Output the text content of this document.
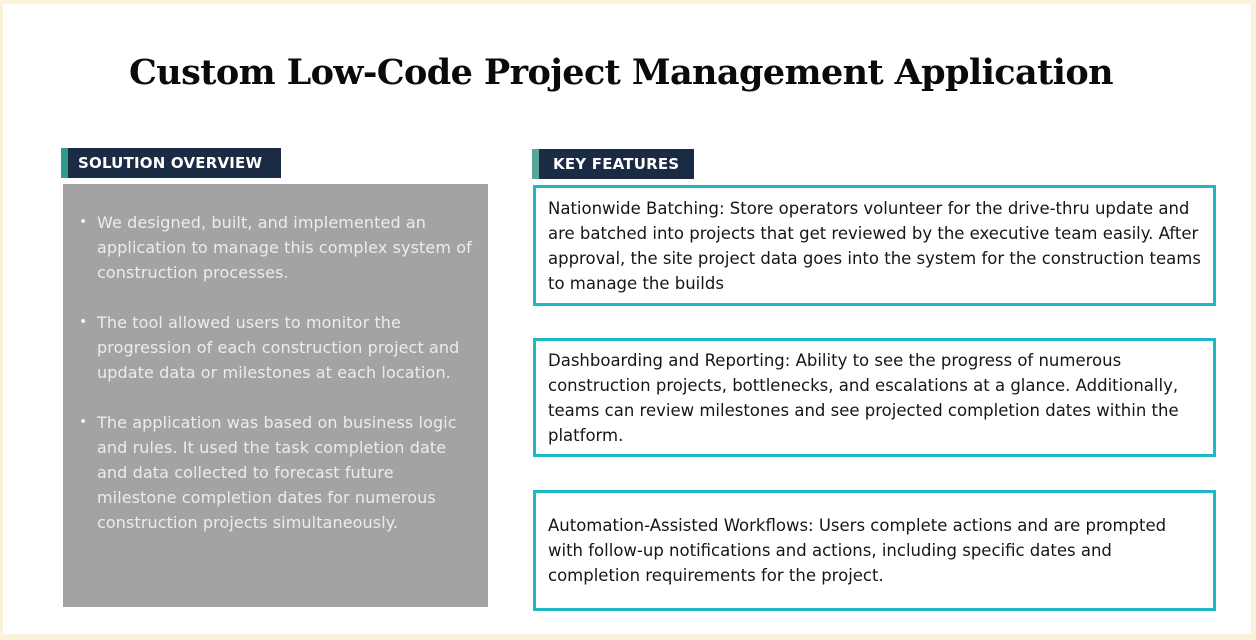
Custom Low-Code Project Management Application
SOLUTION OVERVIEW
• We designed, built, and implemented an application to manage this complex system of construction processes.
• The tool allowed users to monitor the progression of each construction project and update data or milestones at each location.
• The application was based on business logic and rules. It used the task completion date and data collected to forecast future milestone completion dates for numerous construction projects simultaneously.
KEY FEATURES

Nationwide Batching: Store operators volunteer for the drive-thru update and are batched into projects that get reviewed by the executive team easily. After approval, the site project data goes into the system for the construction teams to manage the builds

Dashboarding and Reporting: Ability to see the progress of numerous construction projects, bottlenecks, and escalations at a glance. Additionally, teams can review milestones and see projected completion dates within the platform.

Automation-Assisted Workflows: Users complete actions and are prompted with follow-up notifications and actions, including specific dates and completion requirements for the project.
